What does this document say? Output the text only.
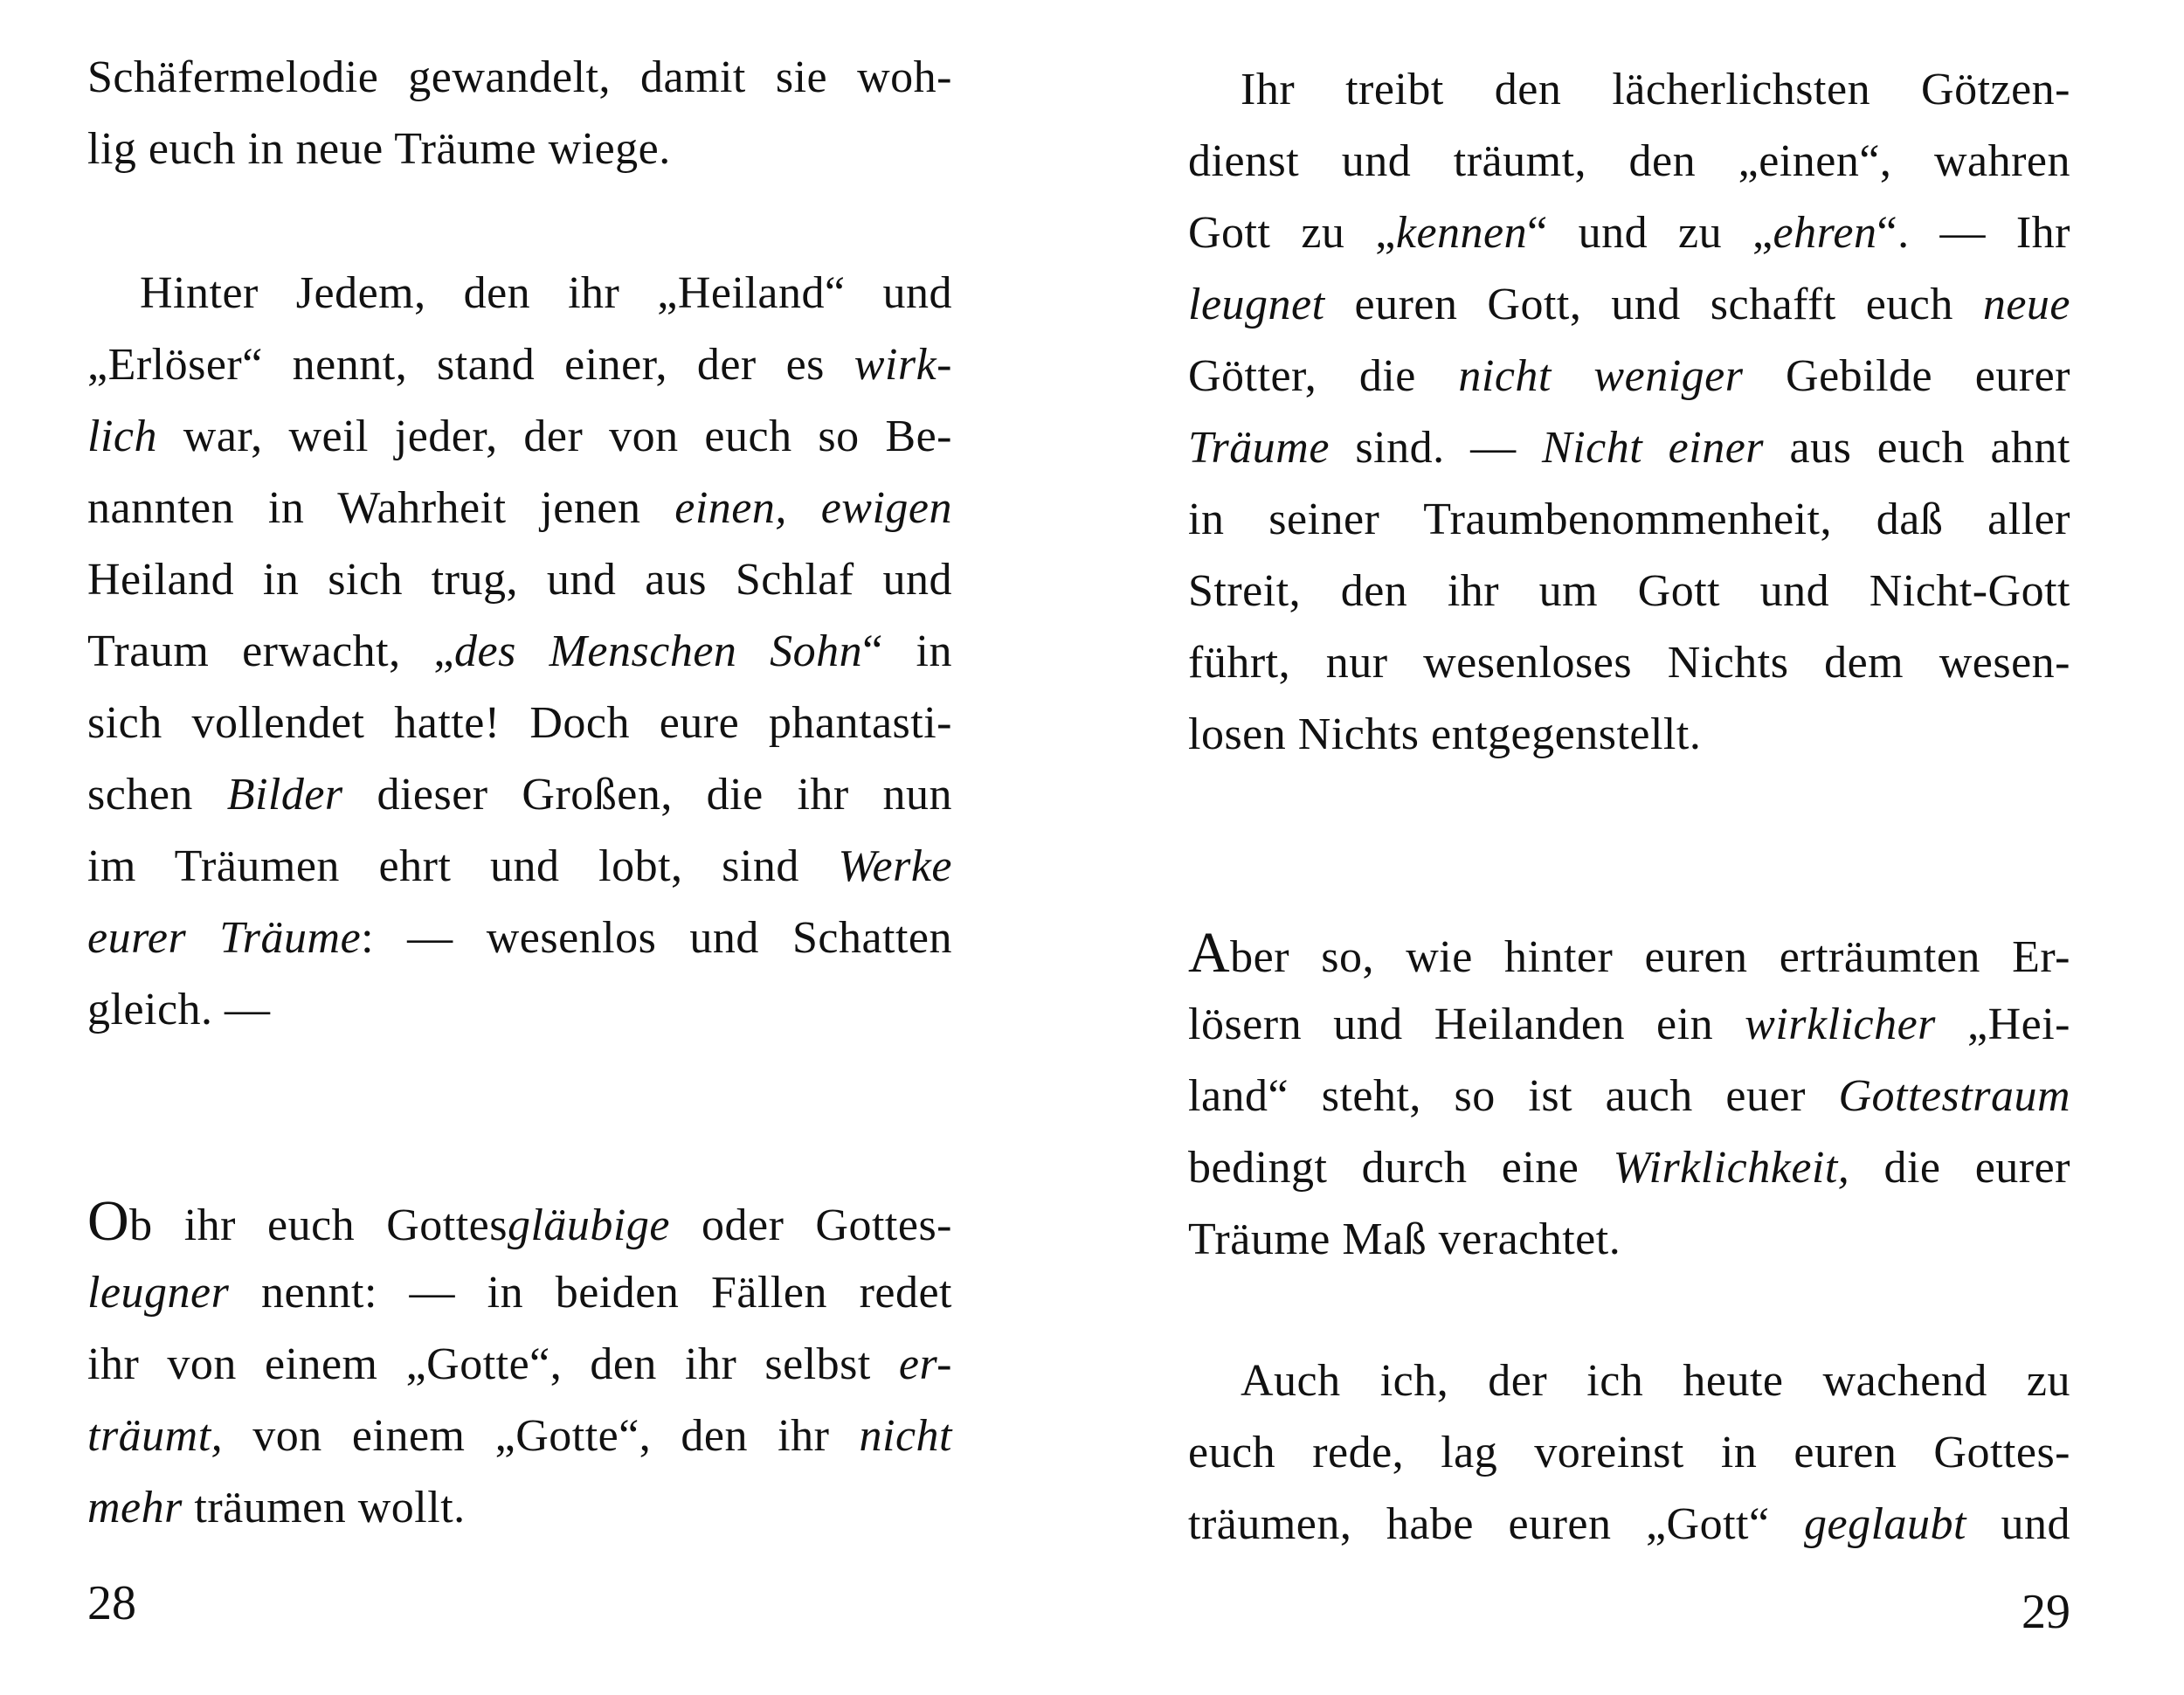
Schäfermelodie gewandelt, damit sie woh-
lig euch in neue Träume wiege.
Hinter Jedem, den ihr „Heiland“ und
„Erlöser“ nennt, stand einer, der es wirk-
lich war, weil jeder, der von euch so Be-
nannten in Wahrheit jenen einen, ewigen
Heiland in sich trug, und aus Schlaf und
Traum erwacht, „des Menschen Sohn“ in
sich vollendet hatte! Doch eure phantasti-
schen Bilder dieser Großen, die ihr nun
im Träumen ehrt und lobt, sind Werke
eurer Träume: — wesenlos und Schatten
gleich. —
Ob ihr euch Gottesgläubige oder Gottes-
leugner nennt: — in beiden Fällen redet
ihr von einem „Gotte“, den ihr selbst er-
träumt, von einem „Gotte“, den ihr nicht
mehr träumen wollt.
28
Ihr treibt den lächerlichsten Götzen-
dienst und träumt, den „einen“, wahren
Gott zu „kennen“ und zu „ehren“. — Ihr
leugnet euren Gott, und schafft euch neue
Götter, die nicht weniger Gebilde eurer
Träume sind. — Nicht einer aus euch ahnt
in seiner Traumbenommenheit, daß aller
Streit, den ihr um Gott und Nicht-Gott
führt, nur wesenloses Nichts dem wesen-
losen Nichts entgegenstellt.
Aber so, wie hinter euren erträumten Er-
lösern und Heilanden ein wirklicher „Hei-
land“ steht, so ist auch euer Gottestraum
bedingt durch eine Wirklichkeit, die eurer
Träume Maß verachtet.
Auch ich, der ich heute wachend zu
euch rede, lag voreinst in euren Gottes-
träumen, habe euren „Gott“ geglaubt und
29
